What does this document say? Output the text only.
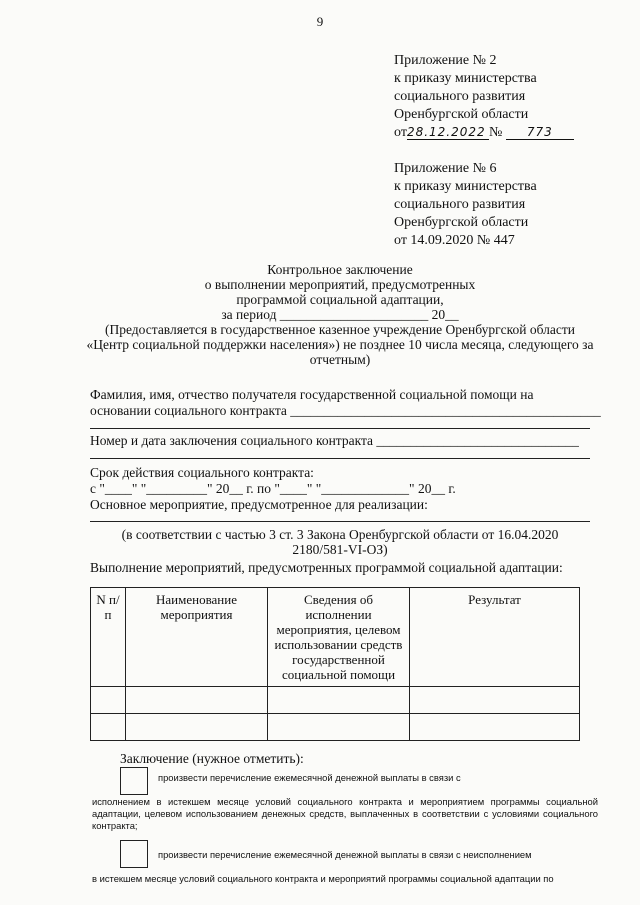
9
Приложение № 2
к приказу министерства
социального развития
Оренбургской области
от28.12.2022 № 773
Приложение № 6
к приказу министерства
социального развития
Оренбургской области
от 14.09.2020 № 447
Контрольное заключение
о выполнении мероприятий, предусмотренных
программой социальной адаптации,
за период ______________________ 20__
(Предоставляется в государственное казенное учреждение Оренбургской области
«Центр социальной поддержки населения») не позднее 10 числа месяца, следующего за
отчетным)
Фамилия, имя, отчество получателя государственной социальной помощи на
основании социального контракта ______________________________________________
Номер и дата заключения социального контракта ______________________________
Срок действия социального контракта:
с "____" "_________" 20__ г. по "____" "_____________" 20__ г.
Основное мероприятие, предусмотренное для реализации:
(в соответствии с частью 3 ст. 3 Закона Оренбургской области от 16.04.2020
2180/581-VI-ОЗ)
Выполнение мероприятий, предусмотренных программой социальной адаптации:
N п/п	Наименование мероприятия	Сведения об исполнении мероприятия, целевом использовании средств государственной социальной помощи	Результат

Заключение (нужное отметить):
произвести перечисление ежемесячной денежной выплаты в связи с
исполнением в истекшем месяце условий социального контракта и мероприятием программы социальной адаптации, целевом использованием денежных средств, выплаченных в соответствии с условиями социального контракта;
произвести перечисление ежемесячной денежной выплаты в связи с неисполнением
в истекшем месяце условий социального контракта и мероприятий программы социальной адаптации по
